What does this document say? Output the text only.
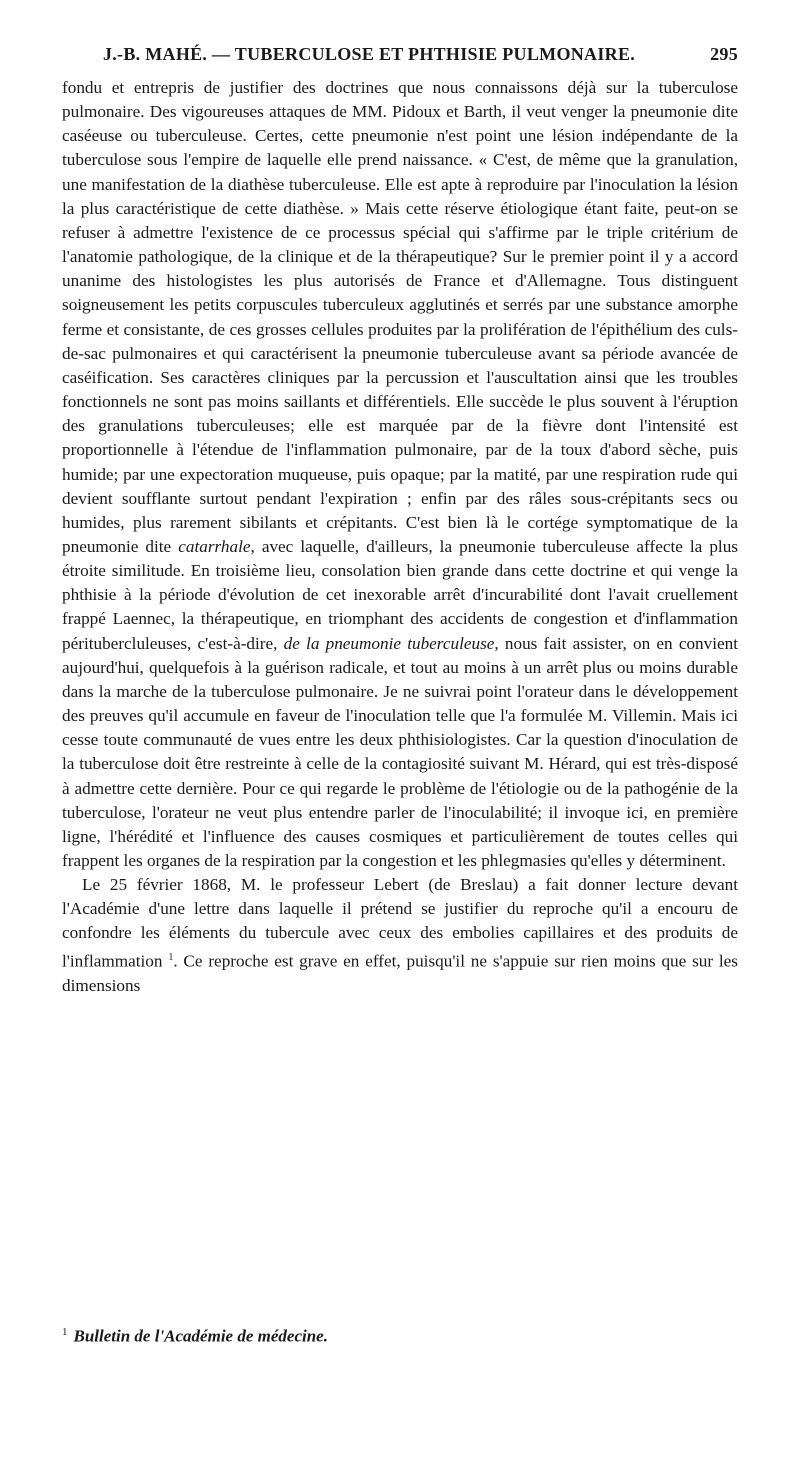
J.-B. MAHÉ. — TUBERCULOSE ET PHTHISIE PULMONAIRE.	295

fondu et entrepris de justifier des doctrines que nous connaissons déjà sur la tuberculose pulmonaire. Des vigoureuses attaques de MM. Pidoux et Barth, il veut venger la pneumonie dite caséeuse ou tuberculeuse. Certes, cette pneumonie n'est point une lésion indépendante de la tuberculose sous l'empire de laquelle elle prend naissance. « C'est, de même que la granulation, une manifestation de la diathèse tuberculeuse. Elle est apte à reproduire par l'inoculation la lésion la plus caractéristique de cette diathèse. » Mais cette réserve étiologique étant faite, peut-on se refuser à admettre l'existence de ce processus spécial qui s'affirme par le triple critérium de l'anatomie pathologique, de la clinique et de la thérapeutique? Sur le premier point il y a accord unanime des histologistes les plus autorisés de France et d'Allemagne. Tous distinguent soigneusement les petits corpuscules tuberculeux agglutinés et serrés par une substance amorphe ferme et consistante, de ces grosses cellules produites par la prolifération de l'épithélium des culs-de-sac pulmonaires et qui caractérisent la pneumonie tuberculeuse avant sa période avancée de caséification. Ses caractères cliniques par la percussion et l'auscultation ainsi que les troubles fonctionnels ne sont pas moins saillants et différentiels. Elle succède le plus souvent à l'éruption des granulations tuberculeuses; elle est marquée par de la fièvre dont l'intensité est proportionnelle à l'étendue de l'inflammation pulmonaire, par de la toux d'abord sèche, puis humide; par une expectoration muqueuse, puis opaque; par la matité, par une respiration rude qui devient soufflante surtout pendant l'expiration ; enfin par des râles sous-crépitants secs ou humides, plus rarement sibilants et crépitants. C'est bien là le cortége symptomatique de la pneumonie dite catarrhale, avec laquelle, d'ailleurs, la pneumonie tuberculeuse affecte la plus étroite similitude. En troisième lieu, consolation bien grande dans cette doctrine et qui venge la phthisie à la période d'évolution de cet inexorable arrêt d'incurabilité dont l'avait cruellement frappé Laennec, la thérapeutique, en triomphant des accidents de congestion et d'inflammation péritubercluleuses, c'est-à-dire, de la pneumonie tuberculeuse, nous fait assister, on en convient aujourd'hui, quelquefois à la guérison radicale, et tout au moins à un arrêt plus ou moins durable dans la marche de la tuberculose pulmonaire. Je ne suivrai point l'orateur dans le développement des preuves qu'il accumule en faveur de l'inoculation telle que l'a formulée M. Villemin. Mais ici cesse toute communauté de vues entre les deux phthisiologistes. Car la question d'inoculation de la tuberculose doit être restreinte à celle de la contagiosité suivant M. Hérard, qui est très-disposé à admettre cette dernière. Pour ce qui regarde le problème de l'étiologie ou de la pathogénie de la tuberculose, l'orateur ne veut plus entendre parler de l'inoculabilité; il invoque ici, en première ligne, l'hérédité et l'influence des causes cosmiques et particulièrement de toutes celles qui frappent les organes de la respiration par la congestion et les phlegmasies qu'elles y déterminent.

Le 25 février 1868, M. le professeur Lebert (de Breslau) a fait donner lecture devant l'Académie d'une lettre dans laquelle il prétend se justifier du reproche qu'il a encouru de confondre les éléments du tubercule avec ceux des embolies capillaires et des produits de l'inflammation $^1$. Ce reproche est grave en effet, puisqu'il ne s'appuie sur rien moins que sur les dimensions

$^1$ Bulletin de l'Académie de médecine.
